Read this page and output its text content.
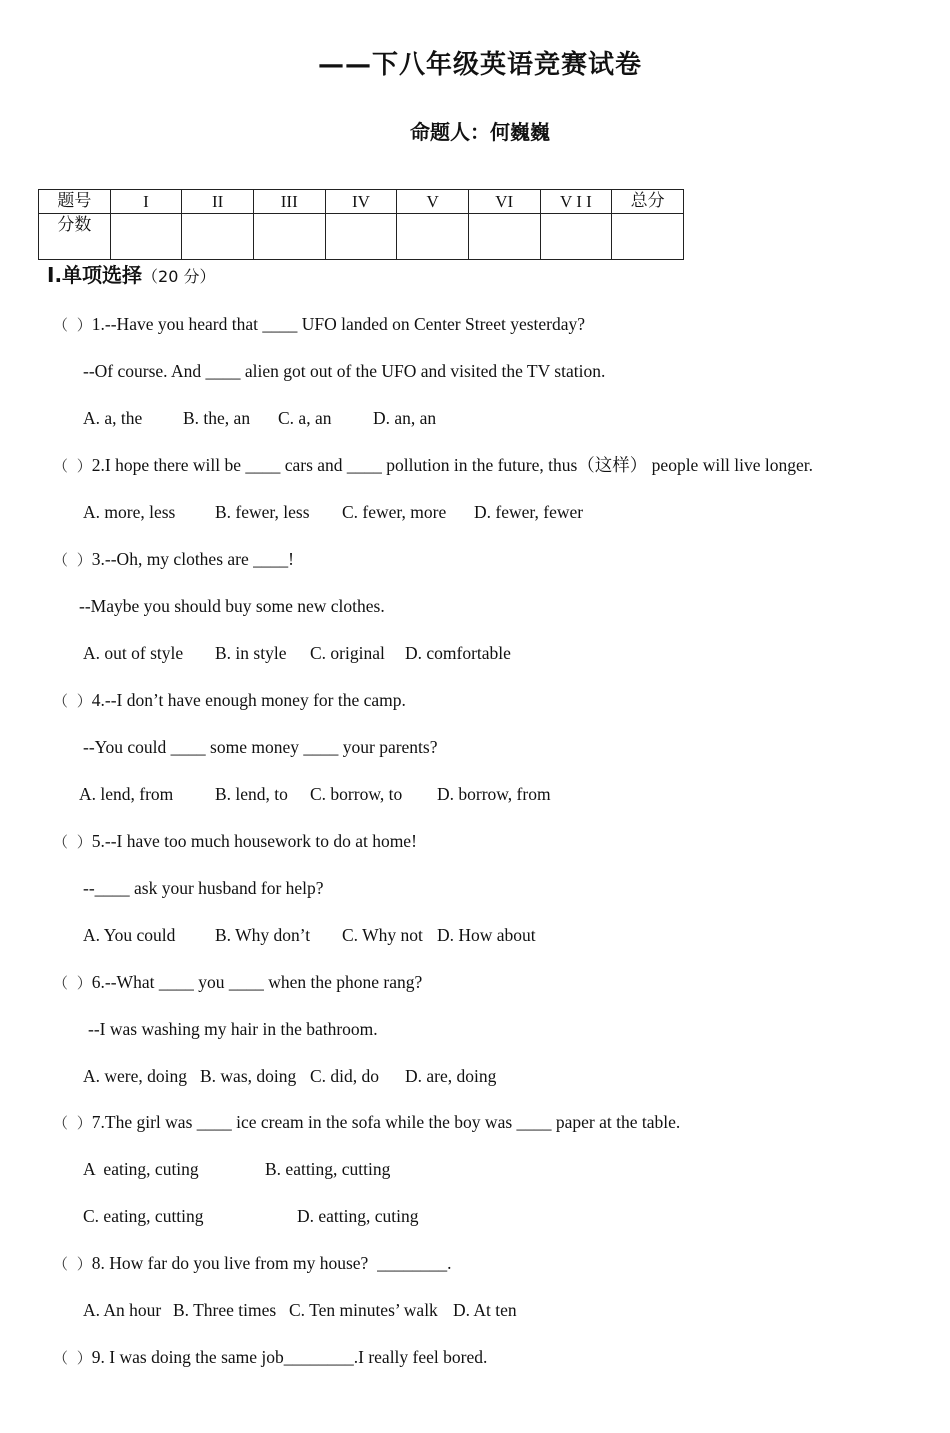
——下八年级英语竞赛试卷
命题人：何巍巍
题号	I	II	III	IV	V	VI	V I I	总分
分数								
I.单项选择（20 分）
（ ）1.--Have you heard that ____ UFO landed on Center Street yesterday?
--Of course. And ____ alien got out of the UFO and visited the TV station.
A. a, the B. the, an C. a, an D. an, an
（ ）2.I hope there will be ____ cars and ____ pollution in the future, thus（这样） people will live longer.
A. more, less B. fewer, less C. fewer, more D. fewer, fewer
（ ）3.--Oh, my clothes are ____!
--Maybe you should buy some new clothes.
A. out of style B. in style C. original D. comfortable
（ ）4.--I don’t have enough money for the camp.
--You could ____ some money ____ your parents?
A. lend, from B. lend, to C. borrow, to D. borrow, from
（ ）5.--I have too much housework to do at home!
--____ ask your husband for help?
A. You could B. Why don’t C. Why not D. How about
（ ）6.--What ____ you ____ when the phone rang?
--I was washing my hair in the bathroom.
A. were, doing B. was, doing C. did, do D. are, doing
（ ）7.The girl was ____ ice cream in the sofa while the boy was ____ paper at the table.
A  eating, cuting	B. eatting, cutting
C. eating, cutting	D. eatting, cuting
（ ）8. How far do you live from my house?  ________.
A. An hour B. Three times C. Ten minutes’ walk D. At ten
（ ）9. I was doing the same job________.I really feel bored.
